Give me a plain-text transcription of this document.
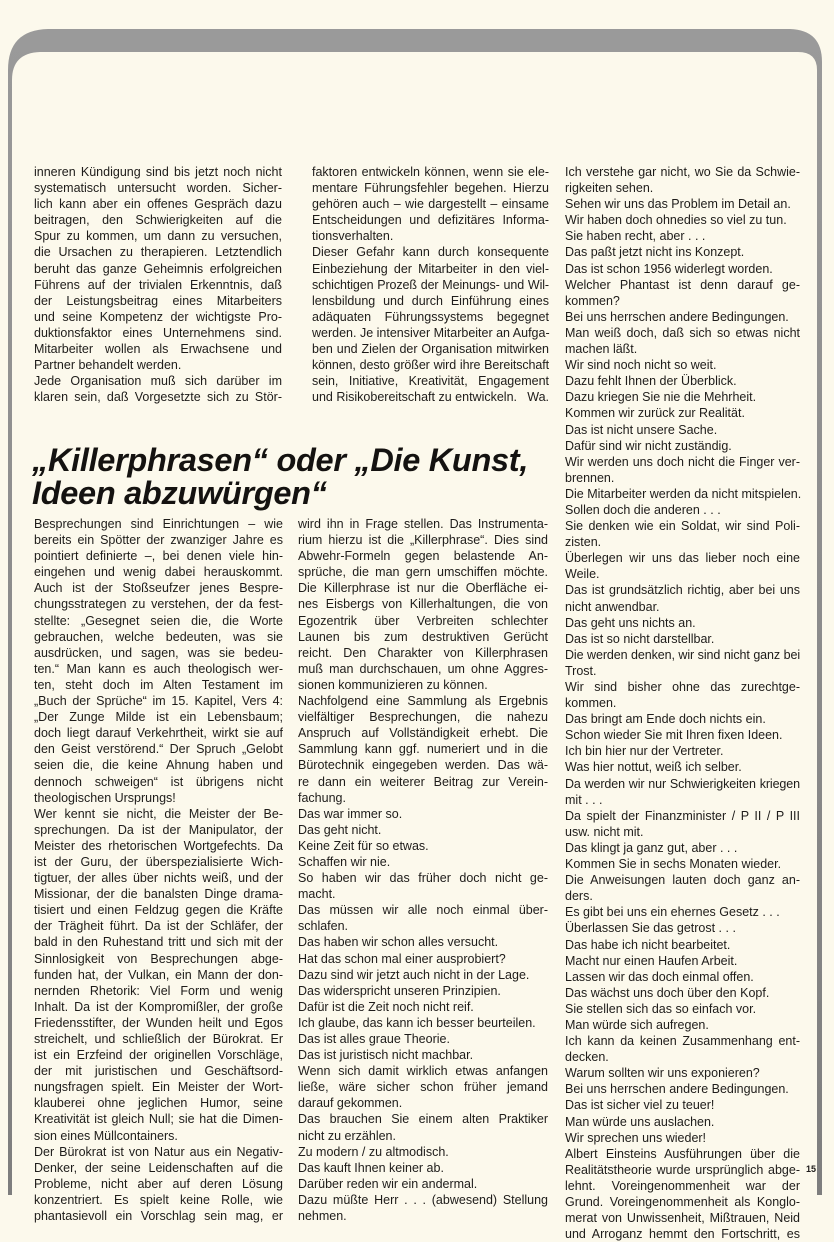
inneren Kündigung sind bis jetzt noch nicht
systematisch untersucht worden. Sicher-
lich kann aber ein offenes Gespräch dazu
beitragen, den Schwierigkeiten auf die
Spur zu kommen, um dann zu versuchen,
die Ursachen zu therapieren. Letztendlich
beruht das ganze Geheimnis erfolgreichen
Führens auf der trivialen Erkenntnis, daß
der Leistungsbeitrag eines Mitarbeiters
und seine Kompetenz der wichtigste Pro-
duktionsfaktor eines Unternehmens sind.
Mitarbeiter wollen als Erwachsene und
Partner behandelt werden.
Jede Organisation muß sich darüber im
klaren sein, daß Vorgesetzte sich zu Stör-
faktoren entwickeln können, wenn sie ele-
mentare Führungsfehler begehen. Hierzu
gehören auch – wie dargestellt – einsame
Entscheidungen und defizitäres Informa-
tionsverhalten.
Dieser Gefahr kann durch konsequente
Einbeziehung der Mitarbeiter in den viel-
schichtigen Prozeß der Meinungs- und Wil-
lensbildung und durch Einführung eines
adäquaten Führungssystems begegnet
werden. Je intensiver Mitarbeiter an Aufga-
ben und Zielen der Organisation mitwirken
können, desto größer wird ihre Bereitschaft
sein, Initiative, Kreativität, Engagement
und Risikobereitschaft zu entwickeln. Wa.
Ich verstehe gar nicht, wo Sie da Schwie-
rigkeiten sehen.
Sehen wir uns das Problem im Detail an.
Wir haben doch ohnedies so viel zu tun.
Sie haben recht, aber . . .
Das paßt jetzt nicht ins Konzept.
Das ist schon 1956 widerlegt worden.
Welcher Phantast ist denn darauf ge-
kommen?
Bei uns herrschen andere Bedingungen.
Man weiß doch, daß sich so etwas nicht
machen läßt.
Wir sind noch nicht so weit.
Dazu fehlt Ihnen der Überblick.
Dazu kriegen Sie nie die Mehrheit.
Kommen wir zurück zur Realität.
Das ist nicht unsere Sache.
Dafür sind wir nicht zuständig.
Wir werden uns doch nicht die Finger ver-
brennen.
Die Mitarbeiter werden da nicht mitspielen.
Sollen doch die anderen . . .
Sie denken wie ein Soldat, wir sind Poli-
zisten.
Überlegen wir uns das lieber noch eine
Weile.
Das ist grundsätzlich richtig, aber bei uns
nicht anwendbar.
Das geht uns nichts an.
Das ist so nicht darstellbar.
Die werden denken, wir sind nicht ganz bei
Trost.
Wir sind bisher ohne das zurechtge-
kommen.
Das bringt am Ende doch nichts ein.
Schon wieder Sie mit Ihren fixen Ideen.
Ich bin hier nur der Vertreter.
Was hier nottut, weiß ich selber.
Da werden wir nur Schwierigkeiten kriegen
mit . . .
Da spielt der Finanzminister / P II / P III
usw. nicht mit.
Das klingt ja ganz gut, aber . . .
Kommen Sie in sechs Monaten wieder.
Die Anweisungen lauten doch ganz an-
ders.
Es gibt bei uns ein ehernes Gesetz . . .
Überlassen Sie das getrost . . .
Das habe ich nicht bearbeitet.
Macht nur einen Haufen Arbeit.
Lassen wir das doch einmal offen.
Das wächst uns doch über den Kopf.
Sie stellen sich das so einfach vor.
Man würde sich aufregen.
Ich kann da keinen Zusammenhang ent-
decken.
Warum sollten wir uns exponieren?
Bei uns herrschen andere Bedingungen.
Das ist sicher viel zu teuer!
Man würde uns auslachen.
Wir sprechen uns wieder!
Albert Einsteins Ausführungen über die
Realitätstheorie wurde ursprünglich abge-
lehnt. Voreingenommenheit war der
Grund. Voreingenommenheit als Konglo-
merat von Unwissenheit, Mißtrauen, Neid
und Arroganz hemmt den Fortschritt, es
„Killerphrasen“ oder „Die Kunst,
Ideen abzuwürgen“
Besprechungen sind Einrichtungen – wie
bereits ein Spötter der zwanziger Jahre es
pointiert definierte –, bei denen viele hin-
eingehen und wenig dabei herauskommt.
Auch ist der Stoßseufzer jenes Bespre-
chungsstrategen zu verstehen, der da fest-
stellte: „Gesegnet seien die, die Worte
gebrauchen, welche bedeuten, was sie
ausdrücken, und sagen, was sie bedeu-
ten.“ Man kann es auch theologisch wer-
ten, steht doch im Alten Testament im
„Buch der Sprüche“ im 15. Kapitel, Vers 4:
„Der Zunge Milde ist ein Lebensbaum;
doch liegt darauf Verkehrtheit, wirkt sie auf
den Geist verstörend.“ Der Spruch „Gelobt
seien die, die keine Ahnung haben und
dennoch schweigen“ ist übrigens nicht
theologischen Ursprungs!
Wer kennt sie nicht, die Meister der Be-
sprechungen. Da ist der Manipulator, der
Meister des rhetorischen Wortgefechts. Da
ist der Guru, der überspezialisierte Wich-
tigtuer, der alles über nichts weiß, und der
Missionar, der die banalsten Dinge drama-
tisiert und einen Feldzug gegen die Kräfte
der Trägheit führt. Da ist der Schläfer, der
bald in den Ruhestand tritt und sich mit der
Sinnlosigkeit von Besprechungen abge-
funden hat, der Vulkan, ein Mann der don-
nernden Rhetorik: Viel Form und wenig
Inhalt. Da ist der Kompromißler, der große
Friedensstifter, der Wunden heilt und Egos
streichelt, und schließlich der Bürokrat. Er
ist ein Erzfeind der originellen Vorschläge,
der mit juristischen und Geschäftsord-
nungsfragen spielt. Ein Meister der Wort-
klauberei ohne jeglichen Humor, seine
Kreativität ist gleich Null; sie hat die Dimen-
sion eines Müllcontainers.
Der Bürokrat ist von Natur aus ein Negativ-
Denker, der seine Leidenschaften auf die
Probleme, nicht aber auf deren Lösung
konzentriert. Es spielt keine Rolle, wie
phantasievoll ein Vorschlag sein mag, er
wird ihn in Frage stellen. Das Instrumenta-
rium hierzu ist die „Killerphrase“. Dies sind
Abwehr-Formeln gegen belastende An-
sprüche, die man gern umschiffen möchte.
Die Killerphrase ist nur die Oberfläche ei-
nes Eisbergs von Killerhaltungen, die von
Egozentrik über Verbreiten schlechter
Launen bis zum destruktiven Gerücht
reicht. Den Charakter von Killerphrasen
muß man durchschauen, um ohne Aggres-
sionen kommunizieren zu können.
Nachfolgend eine Sammlung als Ergebnis
vielfältiger Besprechungen, die nahezu
Anspruch auf Vollständigkeit erhebt. Die
Sammlung kann ggf. numeriert und in die
Bürotechnik eingegeben werden. Das wä-
re dann ein weiterer Beitrag zur Verein-
fachung.
Das war immer so.
Das geht nicht.
Keine Zeit für so etwas.
Schaffen wir nie.
So haben wir das früher doch nicht ge-
macht.
Das müssen wir alle noch einmal über-
schlafen.
Das haben wir schon alles versucht.
Hat das schon mal einer ausprobiert?
Dazu sind wir jetzt auch nicht in der Lage.
Das widerspricht unseren Prinzipien.
Dafür ist die Zeit noch nicht reif.
Ich glaube, das kann ich besser beurteilen.
Das ist alles graue Theorie.
Das ist juristisch nicht machbar.
Wenn sich damit wirklich etwas anfangen
ließe, wäre sicher schon früher jemand
darauf gekommen.
Das brauchen Sie einem alten Praktiker
nicht zu erzählen.
Zu modern / zu altmodisch.
Das kauft Ihnen keiner ab.
Darüber reden wir ein andermal.
Dazu müßte Herr . . . (abwesend) Stellung
nehmen.
15
